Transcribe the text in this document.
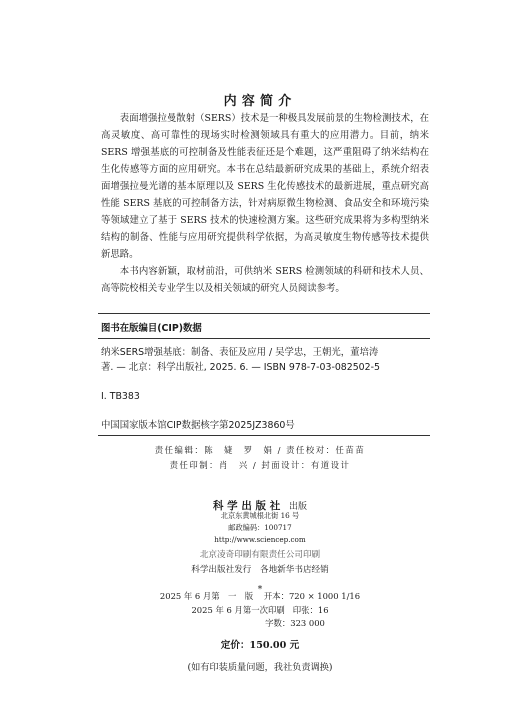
内容简介

表面增强拉曼散射（SERS）技术是一种极具发展前景的生物检测技术，在高灵敏度、高可靠性的现场实时检测领域具有重大的应用潜力。目前，纳米 SERS 增强基底的可控制备及性能表征还是个难题，这严重阻碍了纳米结构在生化传感等方面的应用研究。本书在总结最新研究成果的基础上，系统介绍表面增强拉曼光谱的基本原理以及 SERS 生化传感技术的最新进展，重点研究高性能 SERS 基底的可控制备方法，针对病原微生物检测、食品安全和环境污染等领域建立了基于 SERS 技术的快速检测方案。这些研究成果将为多构型纳米结构的制备、性能与应用研究提供科学依据，为高灵敏度生物传感等技术提供新思路。

本书内容新颖，取材前沿，可供纳米 SERS 检测领域的科研和技术人员、高等院校相关专业学生以及相关领域的研究人员阅读参考。

图书在版编目(CIP)数据
纳米SERS增强基底：制备、表征及应用 / 吴学忠，王朝光，董培涛
著. — 北京：科学出版社, 2025. 6. — ISBN 978-7-03-082502-5
Ⅰ. TB383
中国国家版本馆CIP数据核字第2025JZ3860号
责任编辑：陈　婕　罗　娟 / 责任校对：任苗苗
责任印制：肖　兴 / 封面设计：有道设计
科学出版社 出版
北京东黄城根北街 16 号
邮政编码：100717
http://www.sciencep.com
北京凌奇印刷有限责任公司印刷
科学出版社发行　各地新华书店经销
*
2025 年 6 月第　一　版 开本：720 × 1000 1/16
2025 年 6 月第一次印刷 印张：16
字数：323 000
定价：150.00 元
(如有印装质量问题，我社负责调换)
